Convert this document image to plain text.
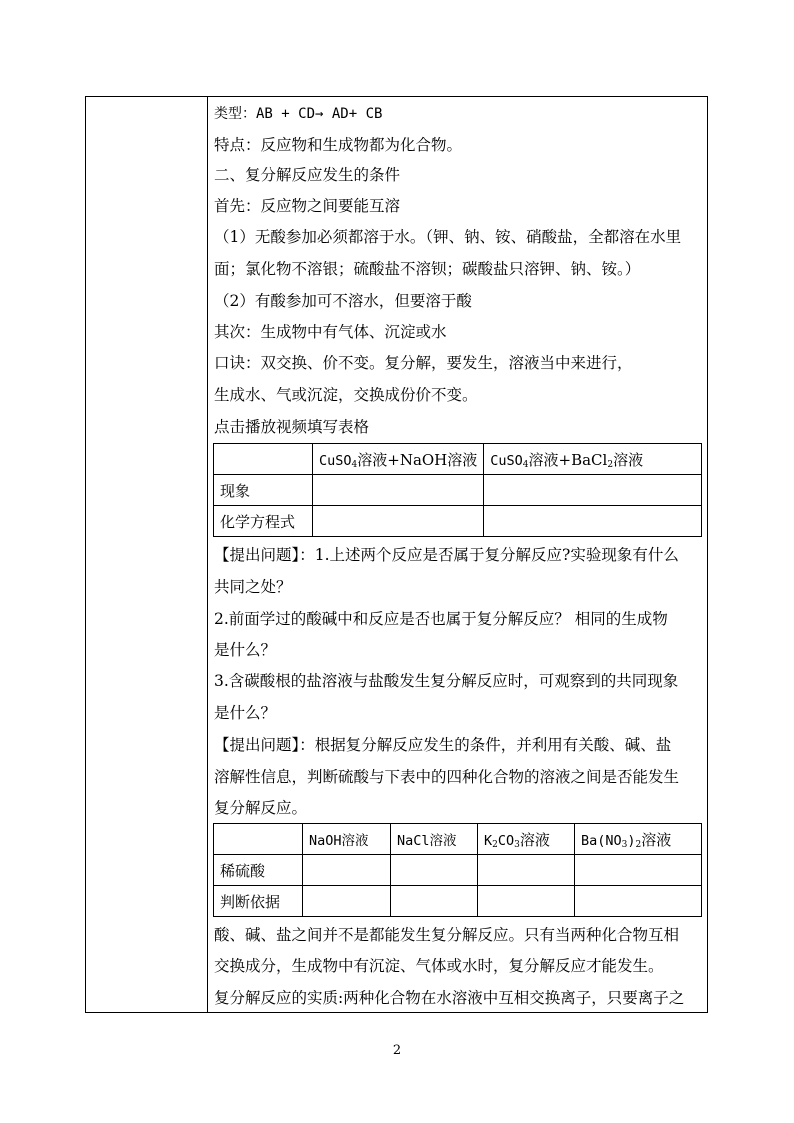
类型：AB + CD→ AD+ CB
特点：反应物和生成物都为化合物。
二、复分解反应发生的条件
首先：反应物之间要能互溶
（1）无酸参加必须都溶于水。（钾、钠、铵、硝酸盐，全都溶在水里
面；氯化物不溶银；硫酸盐不溶钡；碳酸盐只溶钾、钠、铵。）
（2）有酸参加可不溶水，但要溶于酸
其次：生成物中有气体、沉淀或水
口诀：双交换、价不变。复分解，要发生，溶液当中来进行，
生成水、气或沉淀，交换成份价不变。
点击播放视频填写表格
	CuSO$_4$溶液+NaOH溶液	CuSO$_4$溶液+BaCl$_2$溶液
现象		
化学方程式		
【提出问题】：1.上述两个反应是否属于复分解反应?实验现象有什么
共同之处？
2.前面学过的酸碱中和反应是否也属于复分解反应？ 相同的生成物
是什么？
3.含碳酸根的盐溶液与盐酸发生复分解反应时，可观察到的共同现象
是什么？
【提出问题】：根据复分解反应发生的条件，并利用有关酸、碱、盐
溶解性信息，判断硫酸与下表中的四种化合物的溶液之间是否能发生
复分解反应。
	NaOH溶液	NaCl溶液	$K_2CO_3$溶液	$Ba(NO_3)_2$溶液
稀硫酸				
判断依据				
酸、碱、盐之间并不是都能发生复分解反应。只有当两种化合物互相
交换成分，生成物中有沉淀、气体或水时，复分解反应才能发生。
复分解反应的实质:两种化合物在水溶液中互相交换离子，只要离子之
2
